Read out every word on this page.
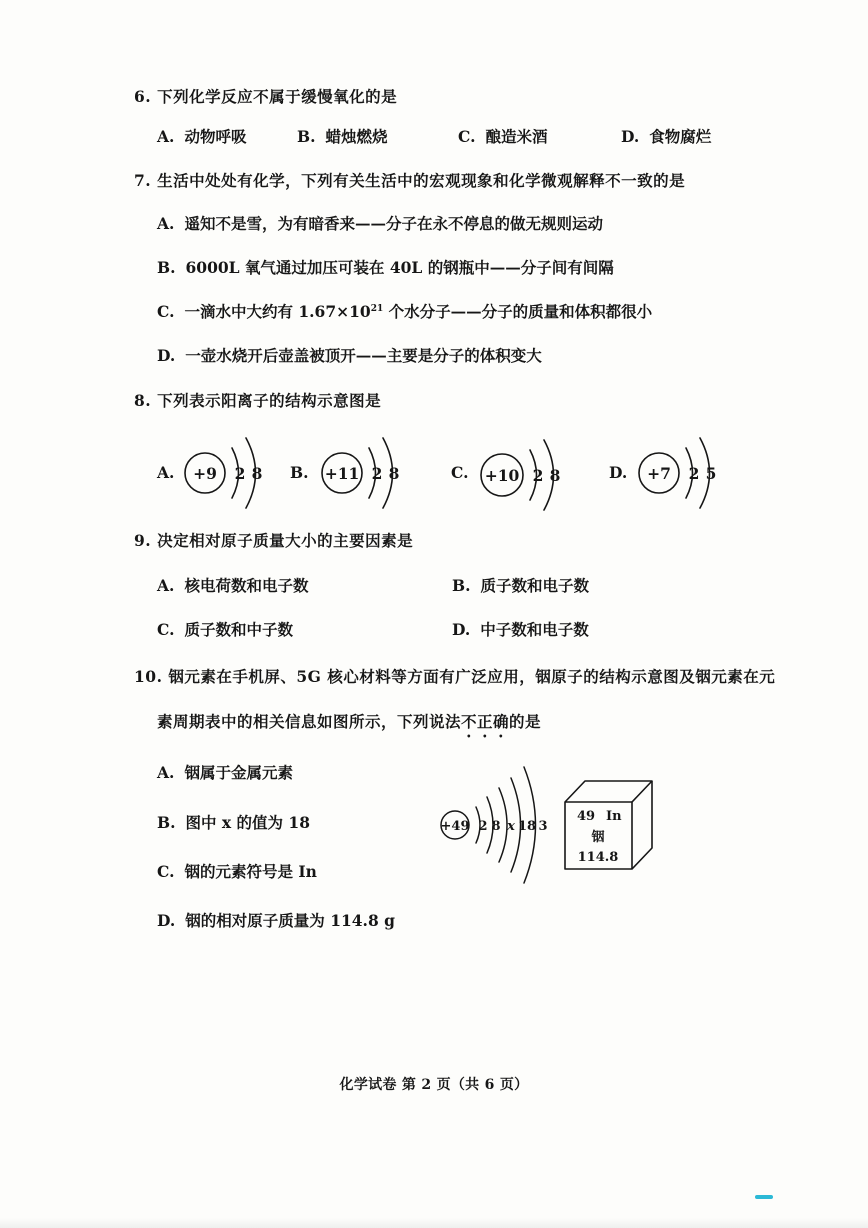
6. 下列化学反应不属于缓慢氧化的是
A. 动物呼吸	B. 蜡烛燃烧	C. 酿造米酒	D. 食物腐烂
7. 生活中处处有化学，下列有关生活中的宏观现象和化学微观解释不一致的是
A. 遥知不是雪，为有暗香来——分子在永不停息的做无规则运动
B. 6000L 氧气通过加压可装在 40L 的钢瓶中——分子间有间隔
C. 一滴水中大约有 $1.67\times 10^{21}$ 个水分子——分子的质量和体积都很小
D. 一壶水烧开后壶盖被顶开——主要是分子的体积变大
8. 下列表示阳离子的结构示意图是
A. +9 2 8 B. +11 2 8	C. +10 2 8	D. +7 2 5
9. 决定相对原子质量大小的主要因素是
A. 核电荷数和电子数	B. 质子数和电子数
C. 质子数和中子数	D. 中子数和电子数
10. 铟元素在手机屏、5G 核心材料等方面有广泛应用，铟原子的结构示意图及铟元素在元
素周期表中的相关信息如图所示，下列说法不正确的是
A. 铟属于金属元素
B. 图中 x 的值为 18
C. 铟的元素符号是 In
D. 铟的相对原子质量为 114.8 g
+49 2 8 x 18 3
49 In
铟
114.8
化学试卷 第 2 页（共 6 页）
